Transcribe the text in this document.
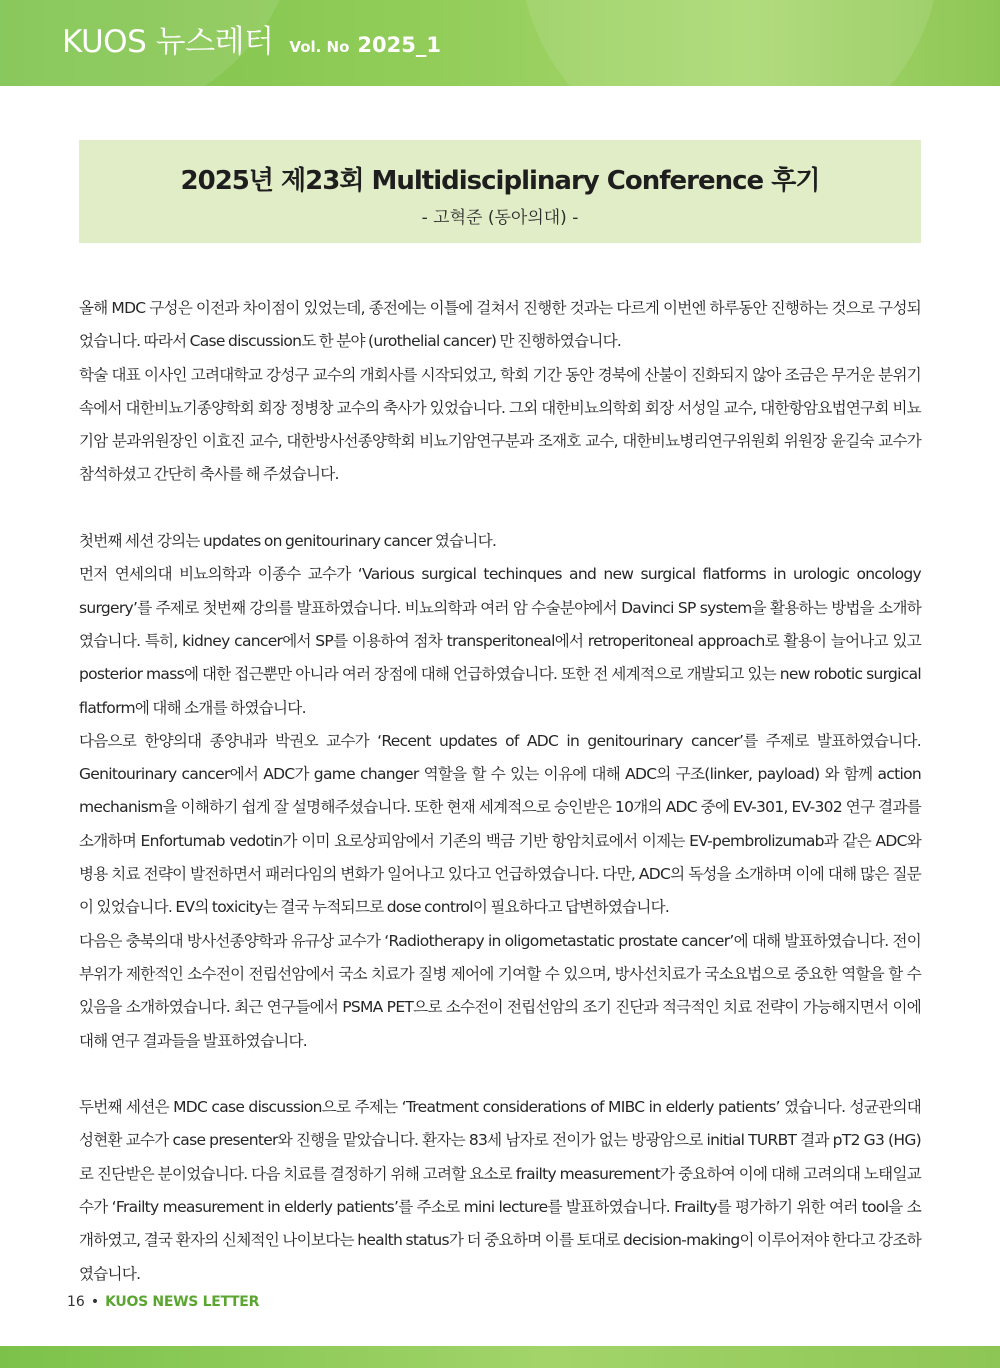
KUOS 뉴스레터 Vol. No 2025_1
2025년 제23회 Multidisciplinary Conference 후기
- 고혁준 (동아의대) -

올해 MDC 구성은 이전과 차이점이 있었는데, 종전에는 이틀에 걸쳐서 진행한 것과는 다르게 이번엔 하루동안 진행하는 것으로 구성되었습니다. 따라서 Case discussion도 한 분야 (urothelial cancer) 만 진행하였습니다.

학술 대표 이사인 고려대학교 강성구 교수의 개회사를 시작되었고, 학회 기간 동안 경북에 산불이 진화되지 않아 조금은 무거운 분위기 속에서 대한비뇨기종양학회 회장 정병창 교수의 축사가 있었습니다. 그외 대한비뇨의학회 회장 서성일 교수, 대한항암요법연구회 비뇨기암 분과위원장인 이효진 교수, 대한방사선종양학회 비뇨기암연구분과 조재호 교수, 대한비뇨병리연구위원회 위원장 윤길숙 교수가 참석하셨고 간단히 축사를 해 주셨습니다.

첫번째 세션 강의는 updates on genitourinary cancer 였습니다.

먼저 연세의대 비뇨의학과 이종수 교수가 ‘Various surgical techinques and new surgical flatforms in urologic oncology surgery’를 주제로 첫번째 강의를 발표하였습니다. 비뇨의학과 여러 암 수술분야에서 Davinci SP system을 활용하는 방법을 소개하였습니다. 특히, kidney cancer에서 SP를 이용하여 점차 transperitoneal에서 retroperitoneal approach로 활용이 늘어나고 있고 posterior mass에 대한 접근뿐만 아니라 여러 장점에 대해 언급하였습니다. 또한 전 세계적으로 개발되고 있는 new robotic surgical flatform에 대해 소개를 하였습니다.

다음으로 한양의대 종양내과 박권오 교수가 ‘Recent updates of ADC in genitourinary cancer’를 주제로 발표하였습니다. Genitourinary cancer에서 ADC가 game changer 역할을 할 수 있는 이유에 대해 ADC의 구조(linker, payload) 와 함께 action mechanism을 이해하기 쉽게 잘 설명해주셨습니다. 또한 현재 세계적으로 승인받은 10개의 ADC 중에 EV-301, EV-302 연구 결과를 소개하며 Enfortumab vedotin가 이미 요로상피암에서 기존의 백금 기반 항암치료에서 이제는 EV-pembrolizumab과 같은 ADC와 병용 치료 전략이 발전하면서 패러다임의 변화가 일어나고 있다고 언급하였습니다. 다만, ADC의 독성을 소개하며 이에 대해 많은 질문이 있었습니다. EV의 toxicity는 결국 누적되므로 dose control이 필요하다고 답변하였습니다.

다음은 충북의대 방사선종양학과 유규상 교수가 ‘Radiotherapy in oligometastatic prostate cancer’에 대해 발표하였습니다. 전이 부위가 제한적인 소수전이 전립선암에서 국소 치료가 질병 제어에 기여할 수 있으며, 방사선치료가 국소요법으로 중요한 역할을 할 수 있음을 소개하였습니다. 최근 연구들에서 PSMA PET으로 소수전이 전립선암의 조기 진단과 적극적인 치료 전략이 가능해지면서 이에 대해 연구 결과들을 발표하였습니다.

두번째 세션은 MDC case discussion으로 주제는 ‘Treatment considerations of MIBC in elderly patients’ 였습니다. 성균관의대 성현환 교수가 case presenter와 진행을 맡았습니다. 환자는 83세 남자로 전이가 없는 방광암으로 initial TURBT 결과 pT2 G3 (HG)로 진단받은 분이었습니다. 다음 치료를 결정하기 위해 고려할 요소로 frailty measurement가 중요하여 이에 대해 고려의대 노태일교수가 ‘Frailty measurement in elderly patients’를 주소로 mini lecture를 발표하였습니다. Frailty를 평가하기 위한 여러 tool을 소개하였고, 결국 환자의 신체적인 나이보다는 health status가 더 중요하며 이를 토대로 decision-making이 이루어져야 한다고 강조하였습니다.

16 • KUOS NEWS LETTER
